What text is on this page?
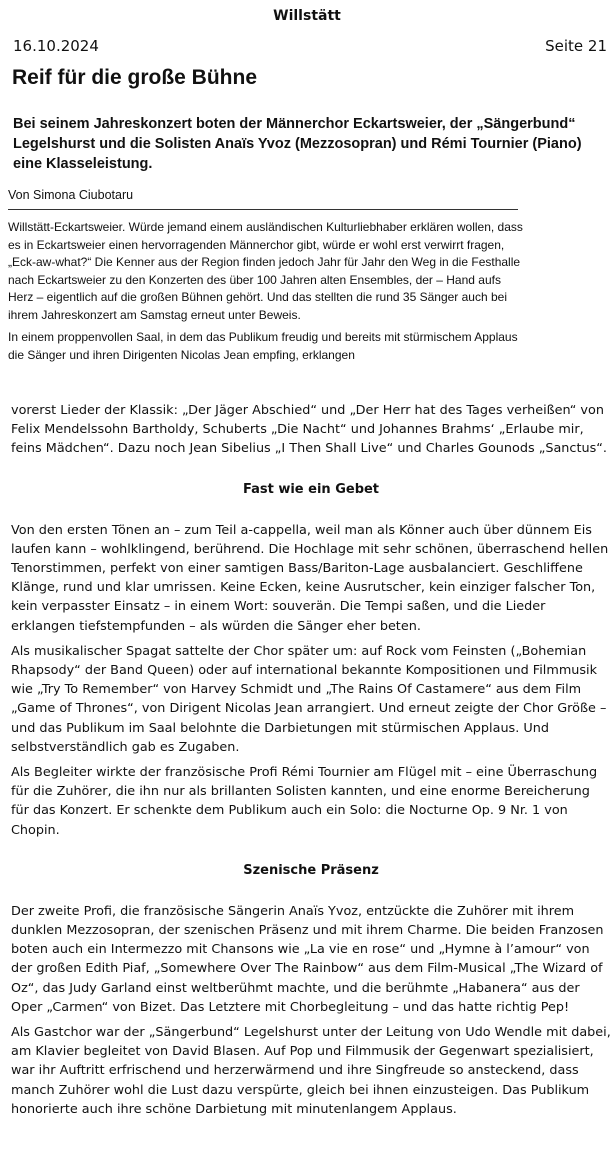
Willstätt
16.10.2024	Seite 21
Reif für die große Bühne

Bei seinem Jahreskonzert boten der Männerchor Eckartsweier, der „Sängerbund“ Legelshurst und die Solisten Anaïs Yvoz (Mezzosopran) und Rémi Tournier (Piano) eine Klasseleistung.

Von Simona Ciubotaru

Willstätt-Eckartsweier. Würde jemand einem ausländischen Kulturliebhaber erklären wollen, dass es in Eckartsweier einen hervorragenden Männerchor gibt, würde er wohl erst verwirrt fragen, „Eck-aw-what?“ Die Kenner aus der Region finden jedoch Jahr für Jahr den Weg in die Festhalle nach Eckartsweier zu den Konzerten des über 100 Jahren alten Ensembles, der – Hand aufs Herz – eigentlich auf die großen Bühnen gehört. Und das stellten die rund 35 Sänger auch bei ihrem Jahreskonzert am Samstag erneut unter Beweis.

In einem proppenvollen Saal, in dem das Publikum freudig und bereits mit stürmischem Applaus die Sänger und ihren Dirigenten Nicolas Jean empfing, erklangen

vorerst Lieder der Klassik: „Der Jäger Abschied“ und „Der Herr hat des Tages verheißen“ von Felix Mendelssohn Bartholdy, Schuberts „Die Nacht“ und Johannes Brahms‘ „Erlaube mir, feins Mädchen“. Dazu noch Jean Sibelius „I Then Shall Live“ und Charles Gounods „Sanctus“.

Fast wie ein Gebet

Von den ersten Tönen an – zum Teil a-cappella, weil man als Könner auch über dünnem Eis laufen kann – wohlklingend, berührend. Die Hochlage mit sehr schönen, überraschend hellen Tenorstimmen, perfekt von einer samtigen Bass/Bariton-Lage ausbalanciert. Geschliffene Klänge, rund und klar umrissen. Keine Ecken, keine Ausrutscher, kein einziger falscher Ton, kein verpasster Einsatz – in einem Wort: souverän. Die Tempi saßen, und die Lieder erklangen tiefstempfunden – als würden die Sänger eher beten.

Als musikalischer Spagat sattelte der Chor später um: auf Rock vom Feinsten („Bohemian Rhapsody“ der Band Queen) oder auf international bekannte Kompositionen und Filmmusik wie „Try To Remember“ von Harvey Schmidt und „The Rains Of Castamere“ aus dem Film „Game of Thrones“, von Dirigent Nicolas Jean arrangiert. Und erneut zeigte der Chor Größe – und das Publikum im Saal belohnte die Darbietungen mit stürmischen Applaus. Und selbstverständlich gab es Zugaben.

Als Begleiter wirkte der französische Profi Rémi Tournier am Flügel mit – eine Überraschung für die Zuhörer, die ihn nur als brillanten Solisten kannten, und eine enorme Bereicherung für das Konzert. Er schenkte dem Publikum auch ein Solo: die Nocturne Op. 9 Nr. 1 von Chopin.

Szenische Präsenz

Der zweite Profi, die französische Sängerin Anaïs Yvoz, entzückte die Zuhörer mit ihrem dunklen Mezzosopran, der szenischen Präsenz und mit ihrem Charme. Die beiden Franzosen boten auch ein Intermezzo mit Chansons wie „La vie en rose“ und „Hymne à l’amour“ von der großen Edith Piaf, „Somewhere Over The Rainbow“ aus dem Film-Musical „The Wizard of Oz“, das Judy Garland einst weltberühmt machte, und die berühmte „Habanera“ aus der Oper „Carmen“ von Bizet. Das Letztere mit Chorbegleitung – und das hatte richtig Pep!

Als Gastchor war der „Sängerbund“ Legelshurst unter der Leitung von Udo Wendle mit dabei, am Klavier begleitet von David Blasen. Auf Pop und Filmmusik der Gegenwart spezialisiert, war ihr Auftritt erfrischend und herzerwärmend und ihre Singfreude so ansteckend, dass manch Zuhörer wohl die Lust dazu verspürte, gleich bei ihnen einzusteigen. Das Publikum honorierte auch ihre schöne Darbietung mit minutenlangem Applaus.
